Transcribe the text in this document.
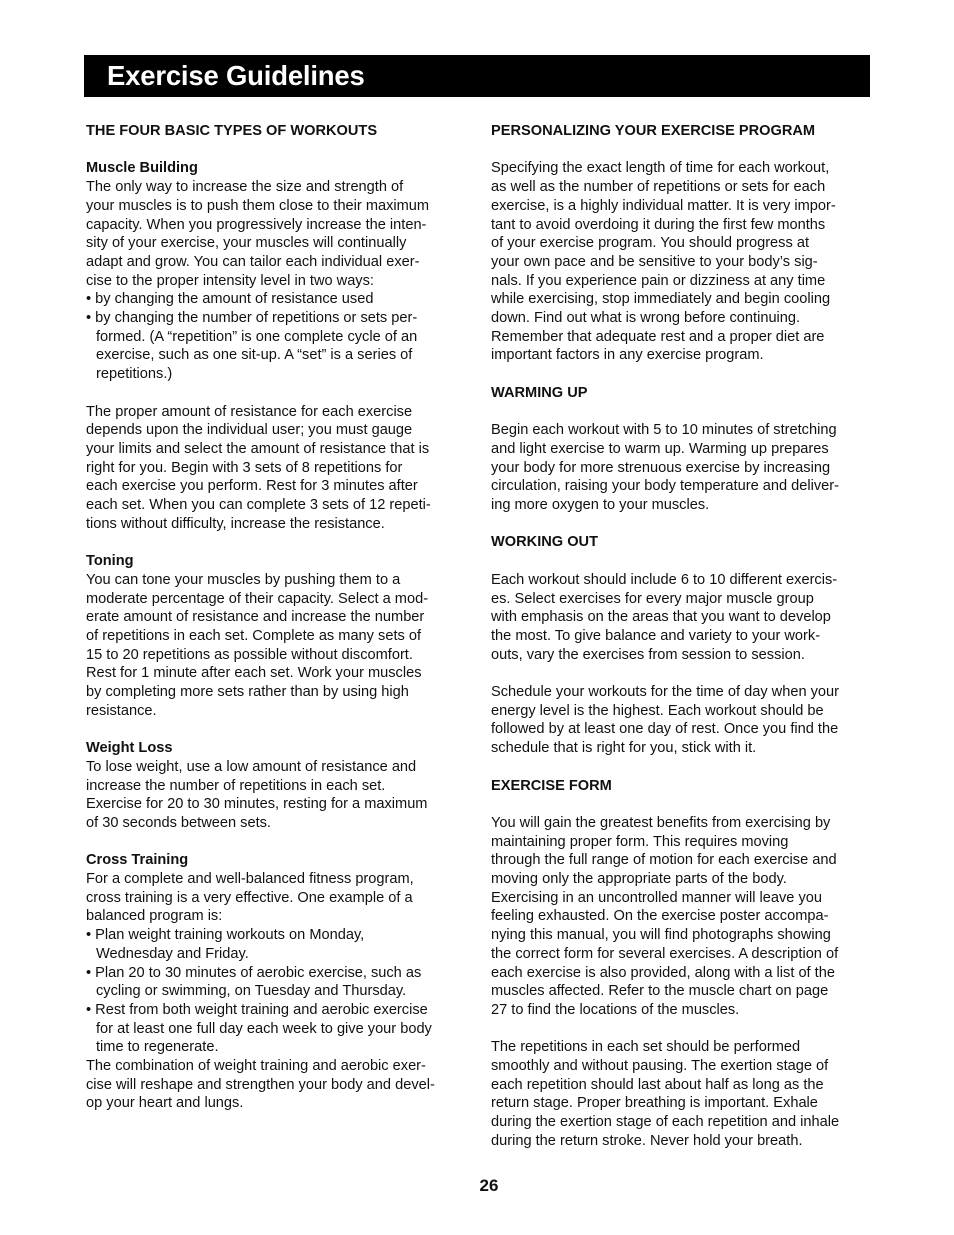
Exercise Guidelines

THE FOUR BASIC TYPES OF WORKOUTS

Muscle Building

The only way to increase the size and strength of
your muscles is to push them close to their maximum
capacity. When you progressively increase the inten-
sity of your exercise, your muscles will continually
adapt and grow. You can tailor each individual exer-
cise to the proper intensity level in two ways:
• by changing the amount of resistance used
• by changing the number of repetitions or sets per-
formed. (A “repetition” is one complete cycle of an
exercise, such as one sit-up. A “set” is a series of
repetitions.)
The proper amount of resistance for each exercise
depends upon the individual user; you must gauge
your limits and select the amount of resistance that is
right for you. Begin with 3 sets of 8 repetitions for
each exercise you perform. Rest for 3 minutes after
each set. When you can complete 3 sets of 12 repeti-
tions without difficulty, increase the resistance.

Toning

You can tone your muscles by pushing them to a
moderate percentage of their capacity. Select a mod-
erate amount of resistance and increase the number
of repetitions in each set. Complete as many sets of
15 to 20 repetitions as possible without discomfort.
Rest for 1 minute after each set. Work your muscles
by completing more sets rather than by using high
resistance.

Weight Loss

To lose weight, use a low amount of resistance and
increase the number of repetitions in each set.
Exercise for 20 to 30 minutes, resting for a maximum
of 30 seconds between sets.

Cross Training

For a complete and well-balanced fitness program,
cross training is a very effective. One example of a
balanced program is:
• Plan weight training workouts on Monday,
Wednesday and Friday.
• Plan 20 to 30 minutes of aerobic exercise, such as
cycling or swimming, on Tuesday and Thursday.
• Rest from both weight training and aerobic exercise
for at least one full day each week to give your body
time to regenerate.
The combination of weight training and aerobic exer-
cise will reshape and strengthen your body and devel-
op your heart and lungs.

PERSONALIZING YOUR EXERCISE PROGRAM

Specifying the exact length of time for each workout,
as well as the number of repetitions or sets for each
exercise, is a highly individual matter. It is very impor-
tant to avoid overdoing it during the first few months
of your exercise program. You should progress at
your own pace and be sensitive to your body’s sig-
nals. If you experience pain or dizziness at any time
while exercising, stop immediately and begin cooling
down. Find out what is wrong before continuing.
Remember that adequate rest and a proper diet are
important factors in any exercise program.

WARMING UP

Begin each workout with 5 to 10 minutes of stretching
and light exercise to warm up. Warming up prepares
your body for more strenuous exercise by increasing
circulation, raising your body temperature and deliver-
ing more oxygen to your muscles.

WORKING OUT

Each workout should include 6 to 10 different exercis-
es. Select exercises for every major muscle group
with emphasis on the areas that you want to develop
the most. To give balance and variety to your work-
outs, vary the exercises from session to session.
Schedule your workouts for the time of day when your
energy level is the highest. Each workout should be
followed by at least one day of rest. Once you find the
schedule that is right for you, stick with it.

EXERCISE FORM

You will gain the greatest benefits from exercising by
maintaining proper form. This requires moving
through the full range of motion for each exercise and
moving only the appropriate parts of the body.
Exercising in an uncontrolled manner will leave you
feeling exhausted. On the exercise poster accompa-
nying this manual, you will find photographs showing
the correct form for several exercises. A description of
each exercise is also provided, along with a list of the
muscles affected. Refer to the muscle chart on page
27 to find the locations of the muscles.
The repetitions in each set should be performed
smoothly and without pausing. The exertion stage of
each repetition should last about half as long as the
return stage. Proper breathing is important. Exhale
during the exertion stage of each repetition and inhale
during the return stroke. Never hold your breath.
26
